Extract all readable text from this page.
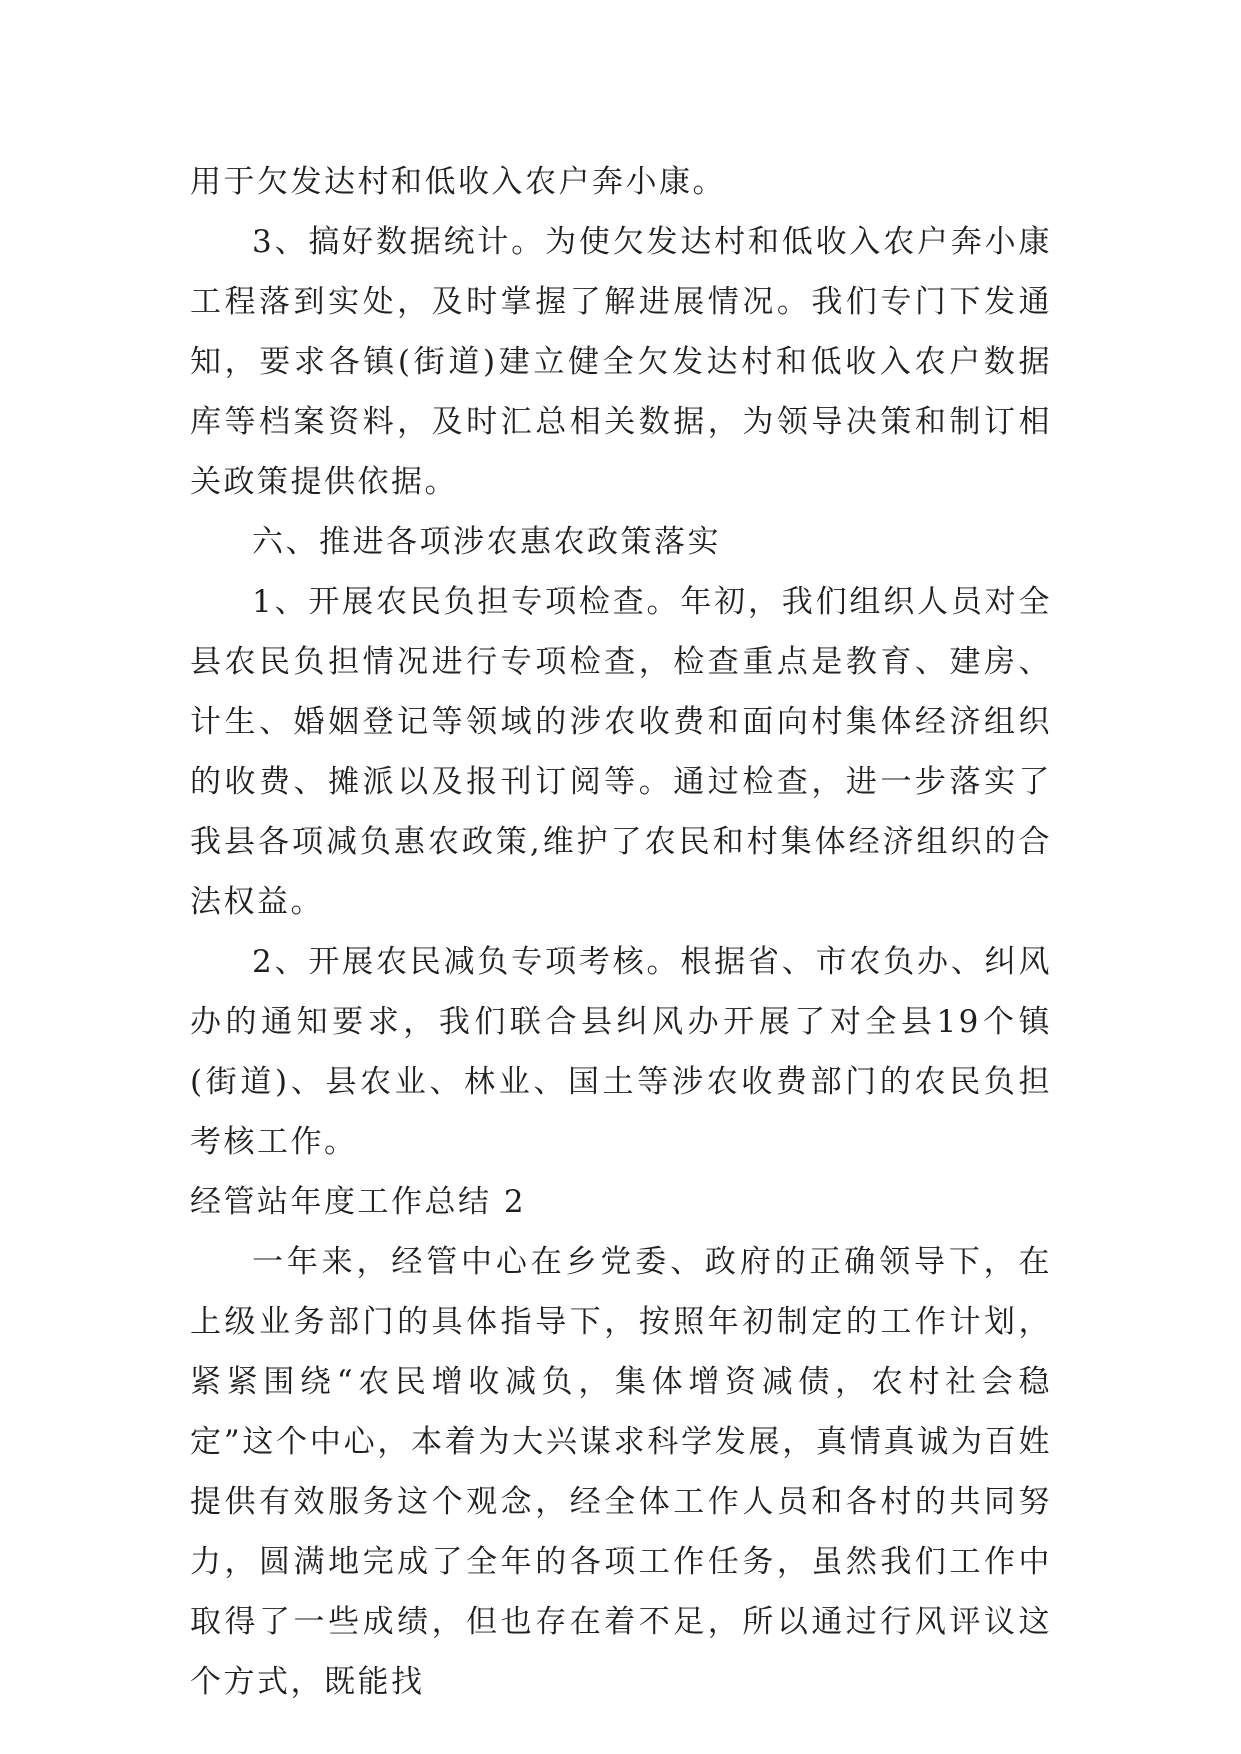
用于欠发达村和低收入农户奔小康。

3、搞好数据统计。为使欠发达村和低收入农户奔小康工程落到实处，及时掌握了解进展情况。我们专门下发通知，要求各镇(街道)建立健全欠发达村和低收入农户数据库等档案资料，及时汇总相关数据，为领导决策和制订相关政策提供依据。

六、推进各项涉农惠农政策落实

1、开展农民负担专项检查。年初，我们组织人员对全县农民负担情况进行专项检查，检查重点是教育、建房、计生、婚姻登记等领域的涉农收费和面向村集体经济组织的收费、摊派以及报刊订阅等。通过检查，进一步落实了我县各项减负惠农政策,维护了农民和村集体经济组织的合法权益。

2、开展农民减负专项考核。根据省、市农负办、纠风办的通知要求，我们联合县纠风办开展了对全县19个镇(街道)、县农业、林业、国土等涉农收费部门的农民负担考核工作。

经管站年度工作总结 2

一年来，经管中心在乡党委、政府的正确领导下，在上级业务部门的具体指导下，按照年初制定的工作计划，紧紧围绕“农民增收减负，集体增资减债，农村社会稳定”这个中心，本着为大兴谋求科学发展，真情真诚为百姓提供有效服务这个观念，经全体工作人员和各村的共同努力，圆满地完成了全年的各项工作任务，虽然我们工作中取得了一些成绩，但也存在着不足，所以通过行风评议这个方式，既能找
